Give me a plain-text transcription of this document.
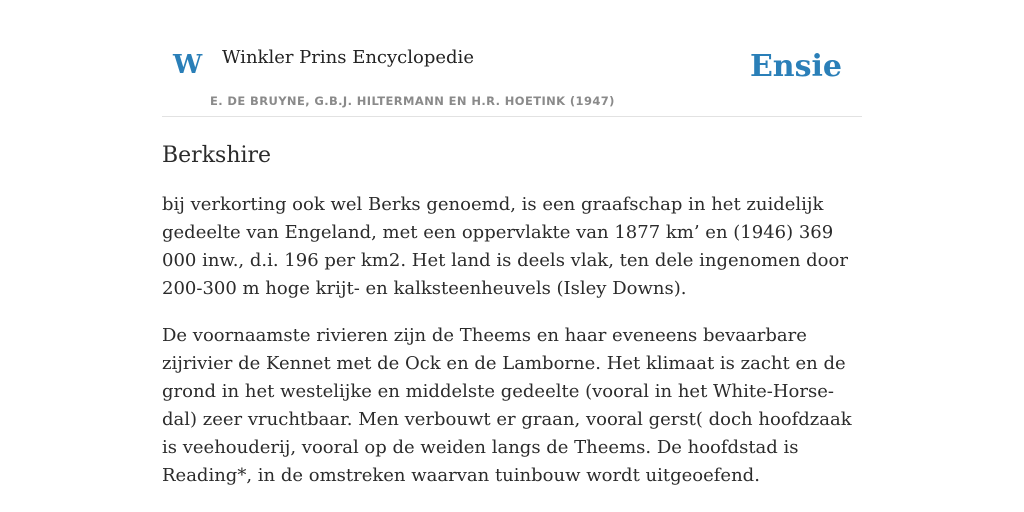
W Winkler Prins Encyclopedie
E. DE BRUYNE, G.B.J. HILTERMANN EN H.R. HOETINK (1947)
Ensie
Berkshire

bij verkorting ook wel Berks genoemd, is een graafschap in het zuidelijk gedeelte van Engeland, met een oppervlakte van 1877 km’ en (1946) 369 000 inw., d.i. 196 per km2. Het land is deels vlak, ten dele ingenomen door 200-300 m hoge krijt- en kalksteenheuvels (Isley Downs).

De voornaamste rivieren zijn de Theems en haar eveneens bevaarbare zijrivier de Kennet met de Ock en de Lamborne. Het klimaat is zacht en de grond in het westelijke en middelste gedeelte (vooral in het White-Horse-dal) zeer vruchtbaar. Men verbouwt er graan, vooral gerst( doch hoofdzaak is veehouderij, vooral op de weiden langs de Theems. De hoofdstad is Reading*, in de omstreken waarvan tuinbouw wordt uitgeoefend.
